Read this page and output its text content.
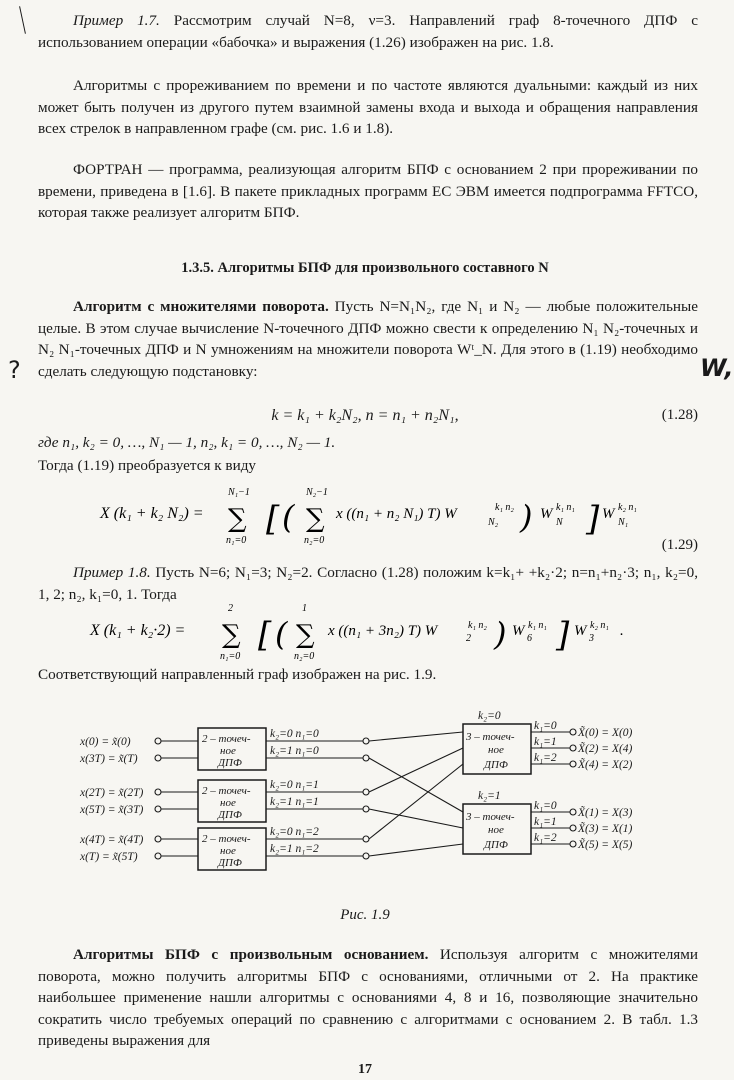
Пример 1.7. Рассмотрим случай N=8, ν=3. Направлений граф 8-точечного ДПФ с использованием операции «бабочка» и выражения (1.26) изображен на рис. 1.8.

Алгоритмы с прореживанием по времени и по частоте являются дуальными: каждый из них может быть получен из другого путем взаимной замены входа и выхода и обращения направления всех стрелок в направленном графе (см. рис. 1.6 и 1.8).

ФОРТРАН — программа, реализующая алгоритм БПФ с основанием 2 при прореживании по времени, приведена в [1.6]. В пакете прикладных программ ЕС ЭВМ имеется подпрограмма FFTCO, которая также реализует алгоритм БПФ.

1.3.5. Алгоритмы БПФ для произвольного составного N

Алгоритм с множителями поворота. Пусть N=N₁N₂, где N₁ и N₂ — любые положительные целые. В этом случае вычисление N-точечного ДПФ можно свести к определению N₁ N₂-точечных и N₂ N₁-точечных ДПФ и N умножениям на множители поворота Wᵗ_N. Для этого в (1.19) необходимо сделать следующую подстановку:

k = k₁ + k₂N₂, n = n₁ + n₂N₁,	(1.28)

где n₁, k₂ = 0, …, N₁ — 1, n₂, k₁ = 0, …, N₂ — 1.

Тогда (1.19) преобразуется к виду

X (k₁ + k₂ N₂) =
N₁−1
∑
n₁=0
[ (
N₂−1
∑
n₂=0
x ((n₁ + n₂ N₁) T) W	k₁ n₂
N₂ ) W k₁ n₁
N ] W k₂ n₁
N₁
(1.29)

Пример 1.8. Пусть N=6; N₁=3; N₂=2. Согласно (1.28) положим k=k₁+ +k₂·2; n=n₁+n₂·3; n₁, k₂=0, 1, 2; n₂, k₁=0, 1. Тогда

X (k₁ + k₂·2) =
2
∑
n₁=0
[ (
1
∑
n₂=0
x ((n₁ + 3n₂) T) W	k₁ n₂
2 ) W k₁ n₁
6 ] W k₂ n₁
3 .

Соответствующий направленный граф изображен на рис. 1.9.

x(0) = x̃(0)
x(3T) = x̃(T)
x(2T) = x̃(2T)
x(5T) = x̃(3T)
x(4T) = x̃(4T)
x(T) = x̃(5T)
2 – точеч-
ное
ДПФ
2 – точеч-
ное
ДПФ
2 – точеч-
ное
ДПФ
k₂=0 n₁=0
k₂=1 n₁=0
k₂=0 n₁=1
k₂=1 n₁=1
k₂=0 n₁=2
k₂=1 n₁=2
k₂=0
3 – точеч-
ное
ДПФ
k₂=1
3 – точеч-
ное
ДПФ
k₁=0
k₁=1
k₁=2
k₁=0
k₁=1
k₁=2
X̃(0) = X(0)
X̃(2) = X(4)
X̃(4) = X(2)
X̃(1) = X(3)
X̃(3) = X(1)
X̃(5) = X(5)
Рис. 1.9

Алгоритмы БПФ с произвольным основанием. Используя алгоритм с множителями поворота, можно получить алгоритмы БПФ с основаниями, отличными от 2. На практике наибольшее применение нашли алгоритмы с основаниями 4, 8 и 16, позволяющие значительно сократить число требуемых операций по сравнению с алгоритмами с основанием 2. В табл. 1.3 приведены выражения для

17
?	W,
